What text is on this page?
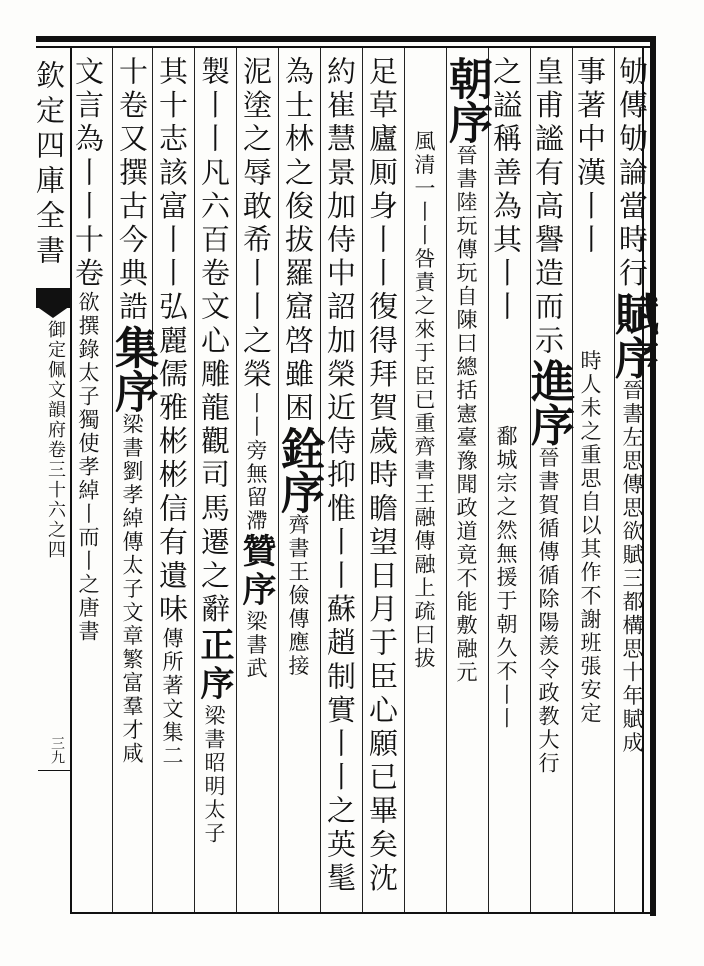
欽定四庫全書
御定佩文韻府卷三十六之四
三九
劬傳劬論當時行賦序晉書左思傳思欲賦三都構思十年賦成
事著中漢丨丨時人未之重思自以其作不謝班張安定
皇甫謐有高譽造而示進序晉書賀循傳循除陽羨令政教大行
之謚稱善為其丨丨鄱城宗之然無援于朝久不丨丨
朝序晉書陸玩傳玩自陳曰總括憲臺豫聞政道竟不能敷融元
風清一丨丨咎責之來于臣已重齊書王融傳融上疏曰拔
足草廬厠身丨丨復得拜賀歲時瞻望日月于臣心願已畢矣沈
約崔慧景加侍中詔加榮近侍抑惟丨丨蘇趙制實丨丨之英髦
為士林之俊拔羅窟啓雖困銓序齊書王儉傳應接
泥塗之辱敢希丨丨之榮丨丨旁無留滯贊序梁書武
製丨丨凡六百卷文心雕龍觀司馬遷之辭正序梁書昭明太子
其十志該富丨丨弘麗儒雅彬彬信有遺味傳所著文集二
十卷又撰古今典誥集序梁書劉孝綽傳太子文章繁富羣才咸
文言為丨丨十卷欲撰錄太子獨使孝綽丨而丨之唐書
